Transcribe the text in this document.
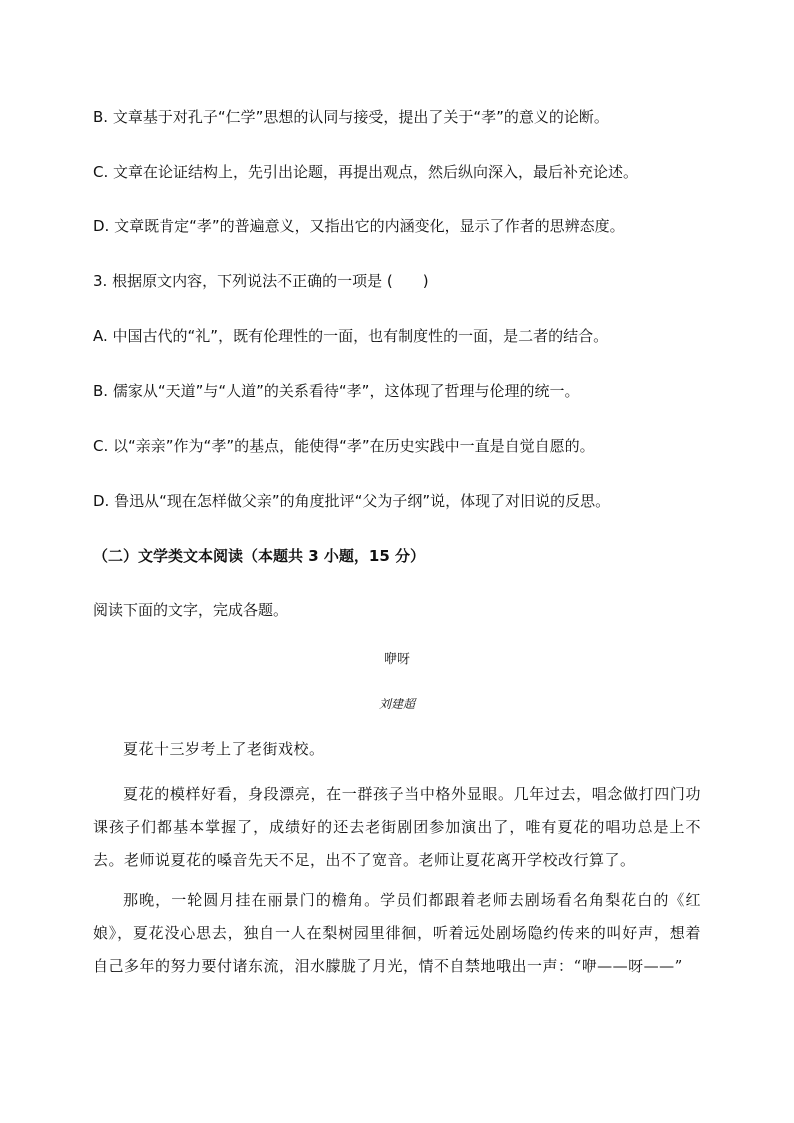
B. 文章基于对孔子“仁学”思想的认同与接受，提出了关于“孝”的意义的论断。
C. 文章在论证结构上，先引出论题，再提出观点，然后纵向深入，最后补充论述。
D. 文章既肯定“孝”的普遍意义，又指出它的内涵变化，显示了作者的思辨态度。
3. 根据原文内容，下列说法不正确的一项是 (　　)
A. 中国古代的“礼”，既有伦理性的一面，也有制度性的一面，是二者的结合。
B. 儒家从“天道”与“人道”的关系看待“孝”，这体现了哲理与伦理的统一。
C. 以“亲亲”作为“孝”的基点，能使得“孝”在历史实践中一直是自觉自愿的。
D. 鲁迅从“现在怎样做父亲”的角度批评“父为子纲”说，体现了对旧说的反思。
（二）文学类文本阅读（本题共 3 小题，15 分）
阅读下面的文字，完成各题。
咿呀
刘建超
夏花十三岁考上了老街戏校。
夏花的模样好看，身段漂亮，在一群孩子当中格外显眼。几年过去，唱念做打四门功课孩子们都基本掌握了，成绩好的还去老街剧团参加演出了，唯有夏花的唱功总是上不去。老师说夏花的嗓音先天不足，出不了宽音。老师让夏花离开学校改行算了。
那晚，一轮圆月挂在丽景门的檐角。学员们都跟着老师去剧场看名角梨花白的《红娘》，夏花没心思去，独自一人在梨树园里徘徊，听着远处剧场隐约传来的叫好声，想着自己多年的努力要付诸东流，泪水朦胧了月光，情不自禁地哦出一声：“咿——呀——”
